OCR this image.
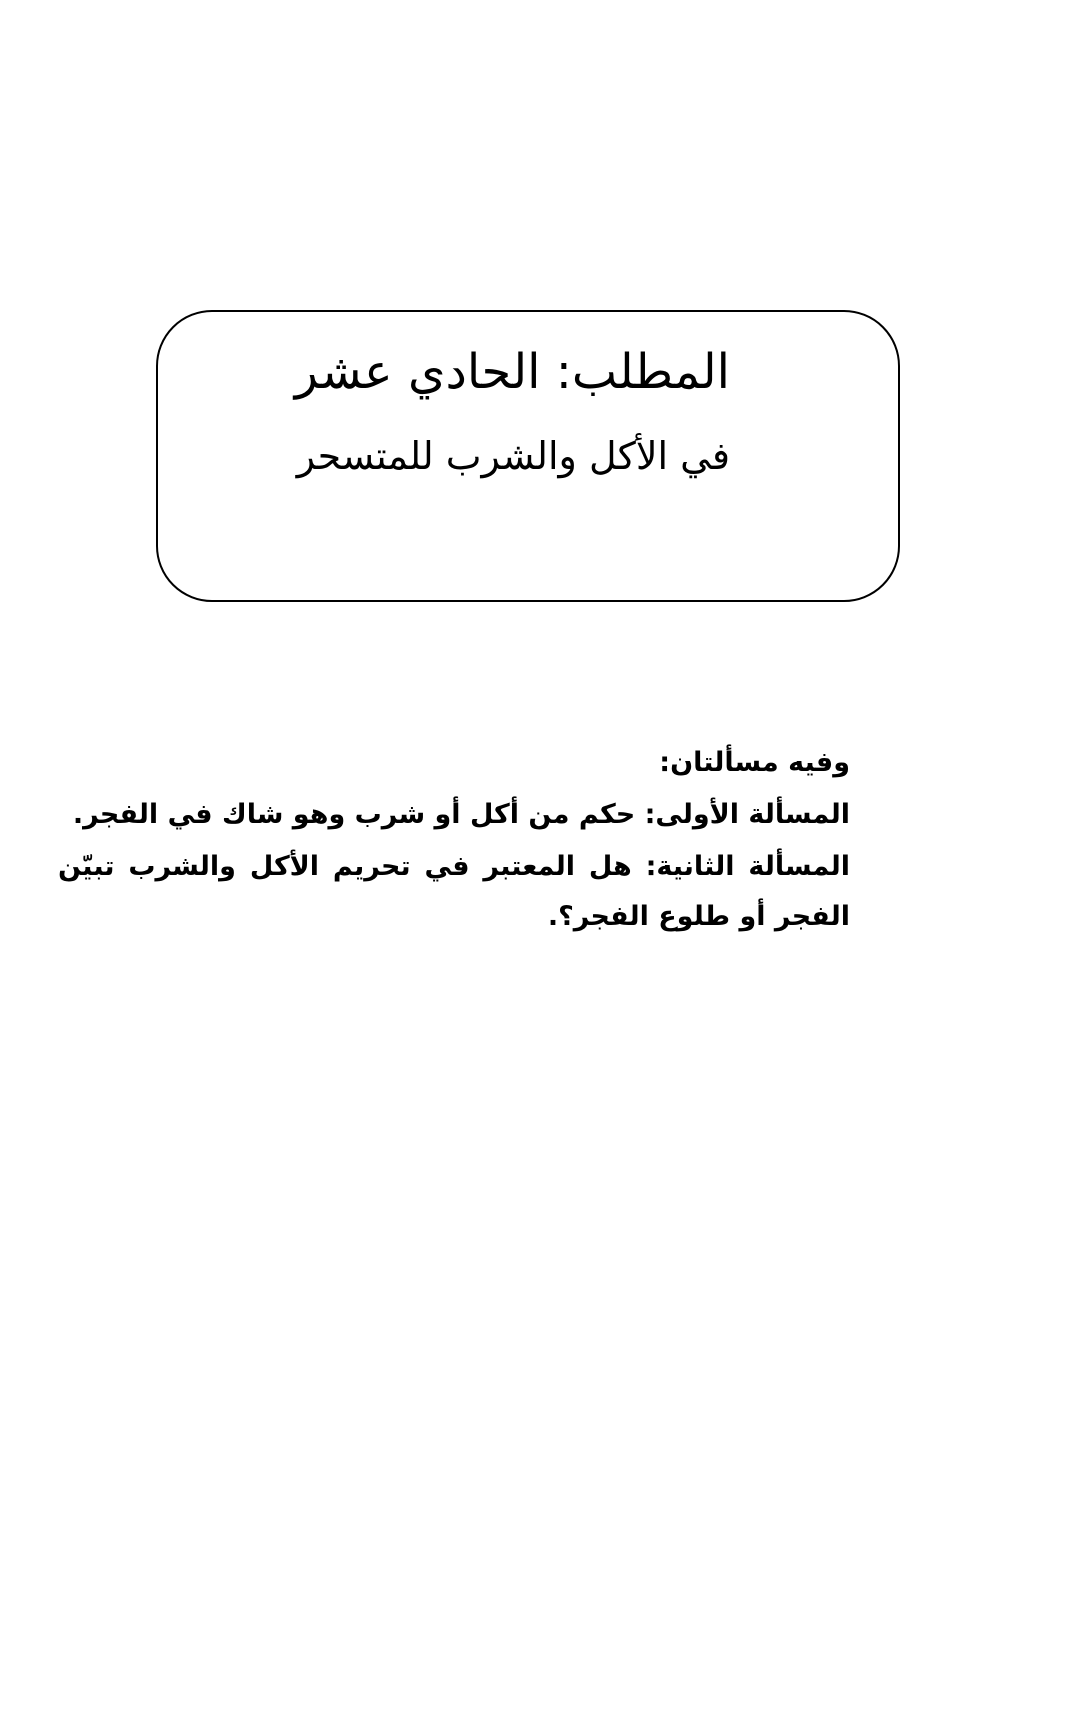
المطلب: الحادي عشر

في الأكل والشرب للمتسحر

وفيه مسألتان:

المسألة الأولى: حكم من أكل أو شرب وهو شاك في الفجر.

المسألة الثانية: هل المعتبر في تحريم الأكل والشرب تبيّن الفجر أو طلوع الفجر؟.
